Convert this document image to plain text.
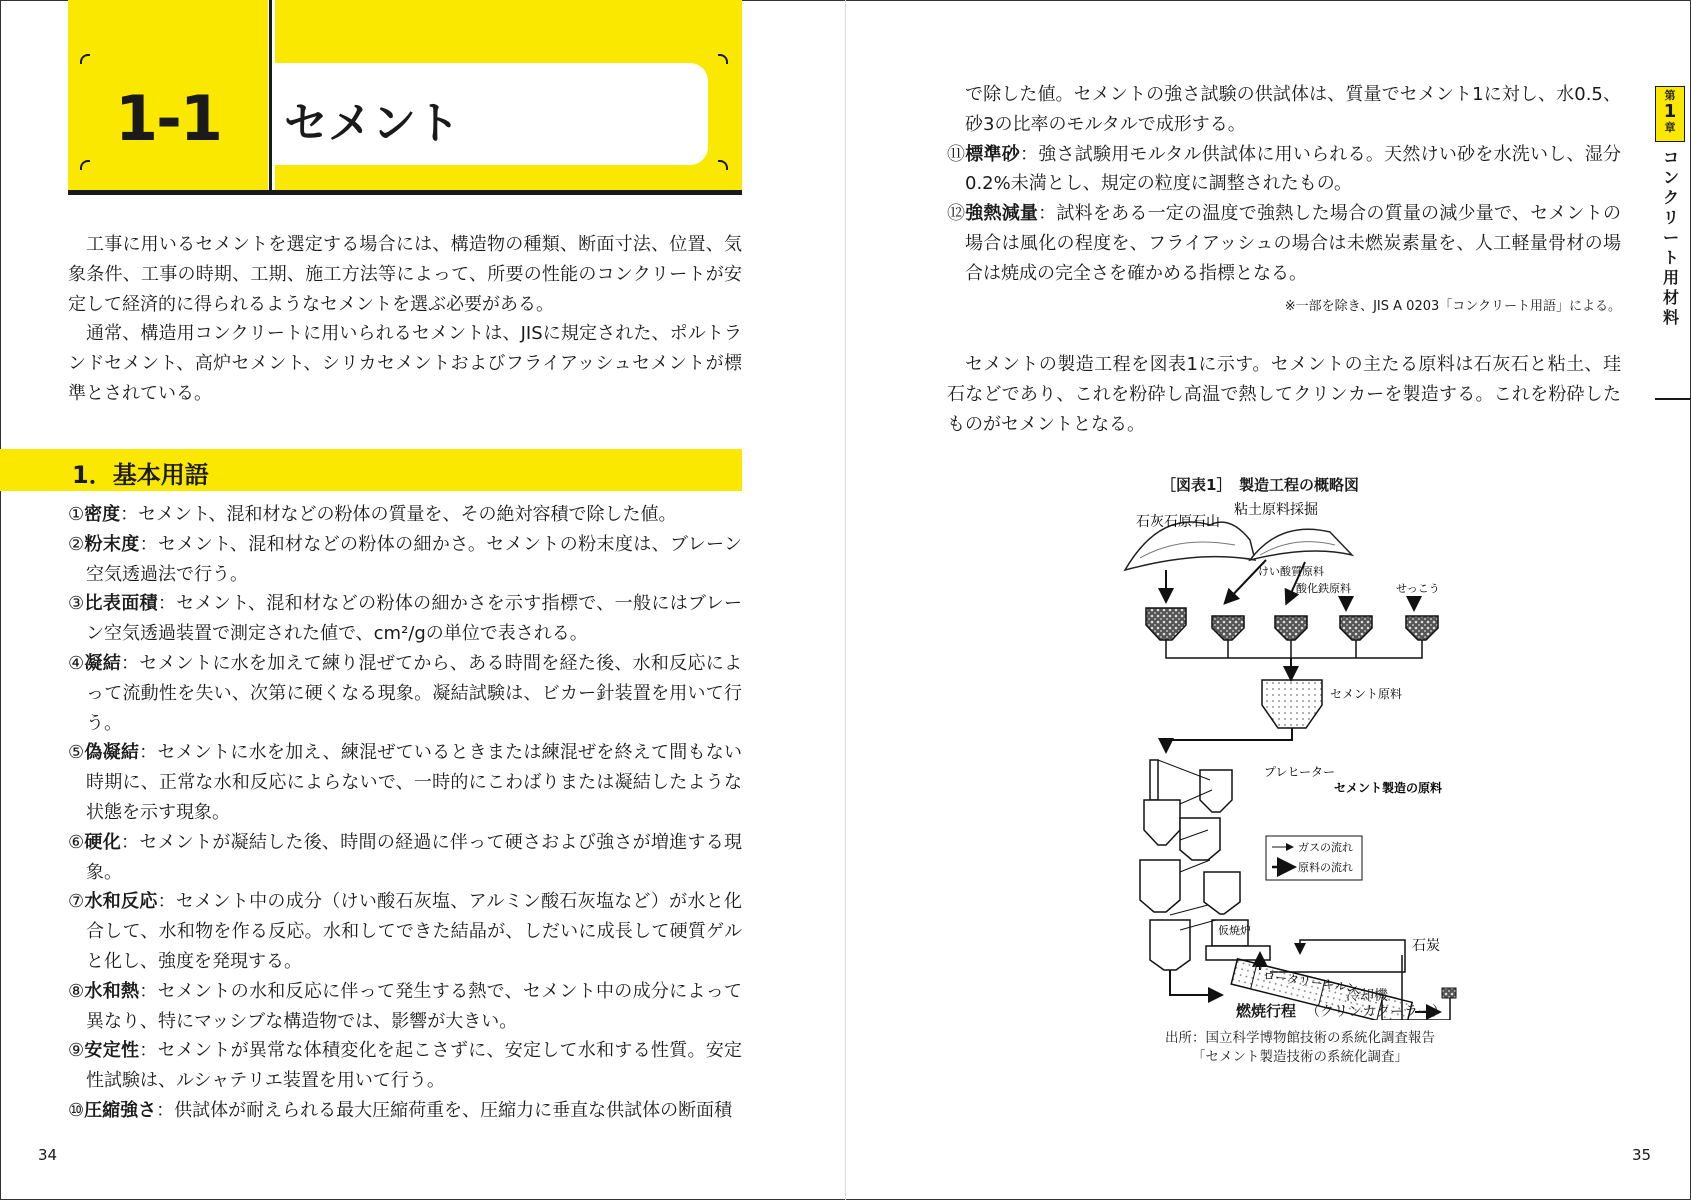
1-1	セメント

工事に用いるセメントを選定する場合には、構造物の種類、断面寸法、位置、気象条件、工事の時期、工期、施工方法等によって、所要の性能のコンクリートが安定して経済的に得られるようなセメントを選ぶ必要がある。

通常、構造用コンクリートに用いられるセメントは、JISに規定された、ポルトランドセメント、高炉セメント、シリカセメントおよびフライアッシュセメントが標準とされている。

1．基本用語
①密度：セメント、混和材などの粉体の質量を、その絶対容積で除した値。
②粉末度：セメント、混和材などの粉体の細かさ。セメントの粉末度は、ブレーン空気透過法で行う。
③比表面積：セメント、混和材などの粉体の細かさを示す指標で、一般にはブレーン空気透過装置で測定された値で、cm²/gの単位で表される。
④凝結：セメントに水を加えて練り混ぜてから、ある時間を経た後、水和反応によって流動性を失い、次第に硬くなる現象。凝結試験は、ビカー針装置を用いて行う。
⑤偽凝結：セメントに水を加え、練混ぜているときまたは練混ぜを終えて間もない時期に、正常な水和反応によらないで、一時的にこわばりまたは凝結したような状態を示す現象。
⑥硬化：セメントが凝結した後、時間の経過に伴って硬さおよび強さが増進する現象。
⑦水和反応：セメント中の成分（けい酸石灰塩、アルミン酸石灰塩など）が水と化合して、水和物を作る反応。水和してできた結晶が、しだいに成長して硬質ゲルと化し、強度を発現する。
⑧水和熱：セメントの水和反応に伴って発生する熱で、セメント中の成分によって異なり、特にマッシブな構造物では、影響が大きい。
⑨安定性：セメントが異常な体積変化を起こさずに、安定して水和する性質。安定性試験は、ルシャテリエ装置を用いて行う。
⑩圧縮強さ：供試体が耐えられる最大圧縮荷重を、圧縮力に垂直な供試体の断面積
34
で除した値。セメントの強さ試験の供試体は、質量でセメント1に対し、水0.5、砂3の比率のモルタルで成形する。
⑪標準砂：強さ試験用モルタル供試体に用いられる。天然けい砂を水洗いし、湿分0.2%未満とし、規定の粒度に調整されたもの。
⑫強熱減量：試料をある一定の温度で強熱した場合の質量の減少量で、セメントの場合は風化の程度を、フライアッシュの場合は未燃炭素量を、人工軽量骨材の場合は焼成の完全さを確かめる指標となる。
※一部を除き、JIS A 0203「コンクリート用語」による。

セメントの製造工程を図表1に示す。セメントの主たる原料は石灰石と粘土、珪石などであり、これを粉砕し高温で熱してクリンカーを製造する。これを粉砕したものがセメントとなる。

第
1
章
コンクリート用材料
［図表1］　製造工程の概略図
石灰石原石山
粘土原料採掘
けい酸質原料
酸化鉄原料	せっこう
セメント原料
プレヒーター
セメント製造の原料
ガスの流れ
原料の流れ
仮焼炉
石炭
ロータリーキルン
冷却機
燃焼行程 （クリンカクーラー）
出所：国立科学博物館技術の系統化調査報告
「セメント製造技術の系統化調査」
35
